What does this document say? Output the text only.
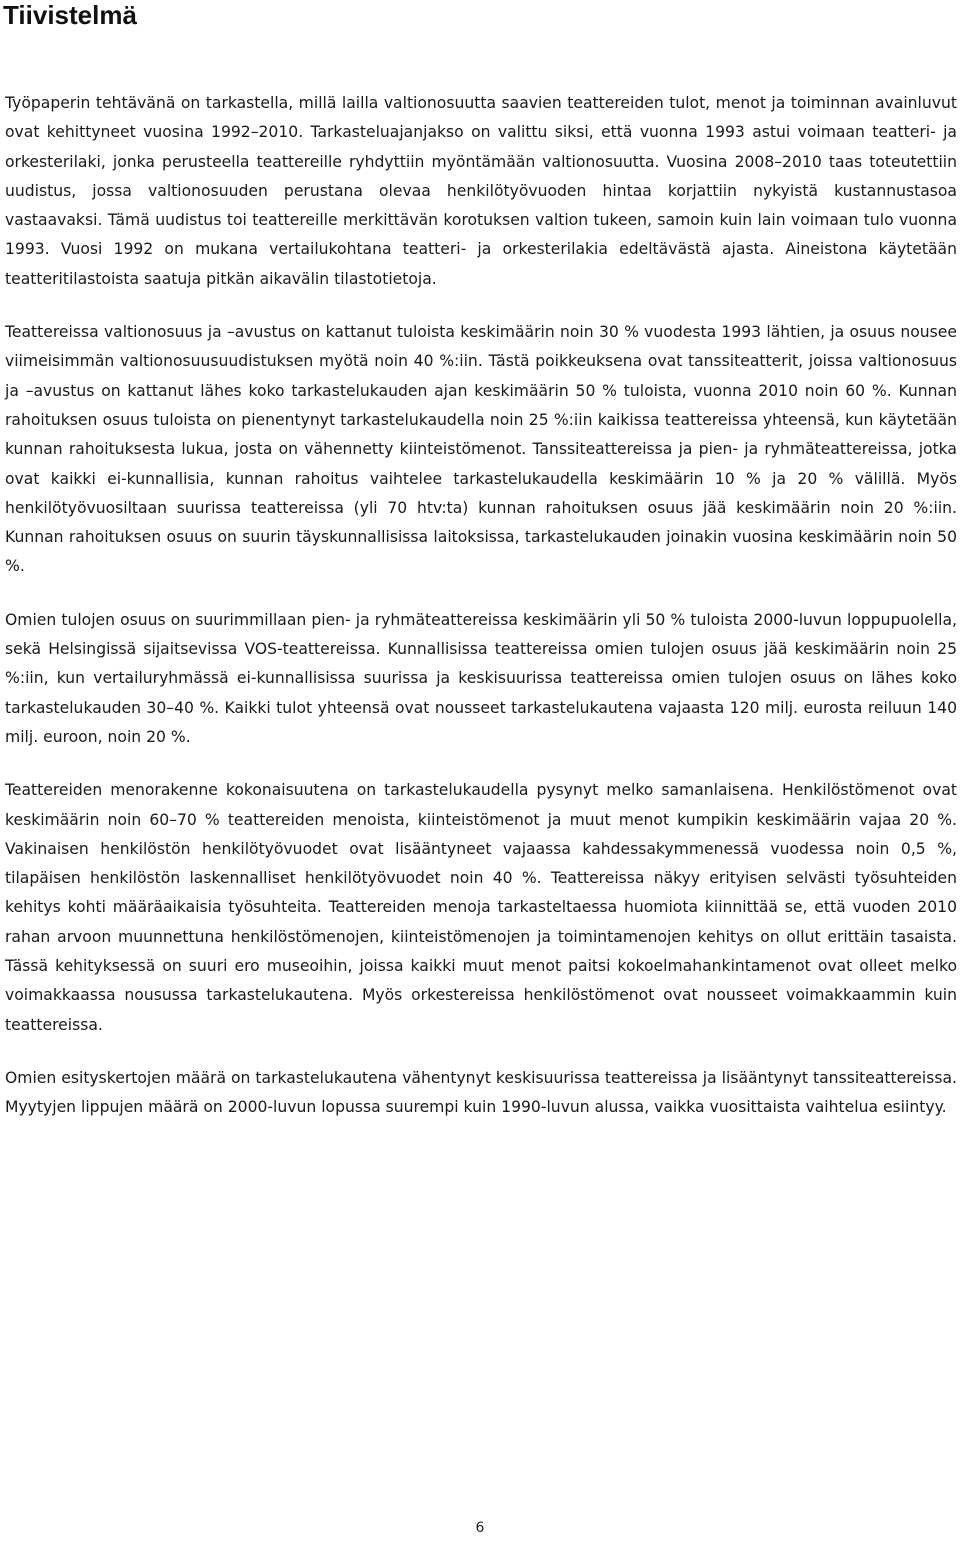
Tiivistelmä

Työpaperin tehtävänä on tarkastella, millä lailla valtionosuutta saavien teattereiden tulot, menot ja toiminnan avainluvut ovat kehittyneet vuosina 1992–2010. Tarkasteluajanjakso on valittu siksi, että vuonna 1993 astui voimaan teatteri- ja orkesterilaki, jonka perusteella teattereille ryhdyttiin myöntämään valtionosuutta. Vuosina 2008–2010 taas toteutettiin uudistus, jossa valtionosuuden perustana olevaa henkilötyövuoden hintaa korjattiin nykyistä kustannustasoa vastaavaksi. Tämä uudistus toi teattereille merkittävän korotuksen valtion tukeen, samoin kuin lain voimaan tulo vuonna 1993. Vuosi 1992 on mukana vertailukohtana teatteri- ja orkesterilakia edeltävästä ajasta. Aineistona käytetään teatteritilastoista saatuja pitkän aikavälin tilastotietoja.

Teattereissa valtionosuus ja –avustus on kattanut tuloista keskimäärin noin 30 % vuodesta 1993 lähtien, ja osuus nousee viimeisimmän valtionosuusuudistuksen myötä noin 40 %:iin. Tästä poikkeuksena ovat tanssiteatterit, joissa valtionosuus ja –avustus on kattanut lähes koko tarkastelukauden ajan keskimäärin 50 % tuloista, vuonna 2010 noin 60 %. Kunnan rahoituksen osuus tuloista on pienentynyt tarkastelukaudella noin 25 %:iin kaikissa teattereissa yhteensä, kun käytetään kunnan rahoituksesta lukua, josta on vähennetty kiinteistömenot. Tanssiteattereissa ja pien- ja ryhmäteattereissa, jotka ovat kaikki ei-kunnallisia, kunnan rahoitus vaihtelee tarkastelukaudella keskimäärin 10 % ja 20 % välillä. Myös henkilötyövuosiltaan suurissa teattereissa (yli 70 htv:ta) kunnan rahoituksen osuus jää keskimäärin noin 20 %:iin. Kunnan rahoituksen osuus on suurin täyskunnallisissa laitoksissa, tarkastelukauden joinakin vuosina keskimäärin noin 50 %.

Omien tulojen osuus on suurimmillaan pien- ja ryhmäteattereissa keskimäärin yli 50 % tuloista 2000-luvun loppupuolella, sekä Helsingissä sijaitsevissa VOS-teattereissa. Kunnallisissa teattereissa omien tulojen osuus jää keskimäärin noin 25 %:iin, kun vertailuryhmässä ei-kunnallisissa suurissa ja keskisuurissa teattereissa omien tulojen osuus on lähes koko tarkastelukauden 30–40 %. Kaikki tulot yhteensä ovat nousseet tarkastelukautena vajaasta 120 milj. eurosta reiluun 140 milj. euroon, noin 20 %.

Teattereiden menorakenne kokonaisuutena on tarkastelukaudella pysynyt melko samanlaisena. Henkilöstömenot ovat keskimäärin noin 60–70 % teattereiden menoista, kiinteistömenot ja muut menot kumpikin keskimäärin vajaa 20 %. Vakinaisen henkilöstön henkilötyövuodet ovat lisääntyneet vajaassa kahdessakymmenessä vuodessa noin 0,5 %, tilapäisen henkilöstön laskennalliset henkilötyövuodet noin 40 %. Teattereissa näkyy erityisen selvästi työsuhteiden kehitys kohti määräaikaisia työsuhteita. Teattereiden menoja tarkasteltaessa huomiota kiinnittää se, että vuoden 2010 rahan arvoon muunnettuna henkilöstömenojen, kiinteistömenojen ja toimintamenojen kehitys on ollut erittäin tasaista. Tässä kehityksessä on suuri ero museoihin, joissa kaikki muut menot paitsi kokoelmahankintamenot ovat olleet melko voimakkaassa nousussa tarkastelukautena. Myös orkestereissa henkilöstömenot ovat nousseet voimakkaammin kuin teattereissa.

Omien esityskertojen määrä on tarkastelukautena vähentynyt keskisuurissa teattereissa ja lisääntynyt tanssiteattereissa. Myytyjen lippujen määrä on 2000-luvun lopussa suurempi kuin 1990-luvun alussa, vaikka vuosittaista vaihtelua esiintyy.

6
